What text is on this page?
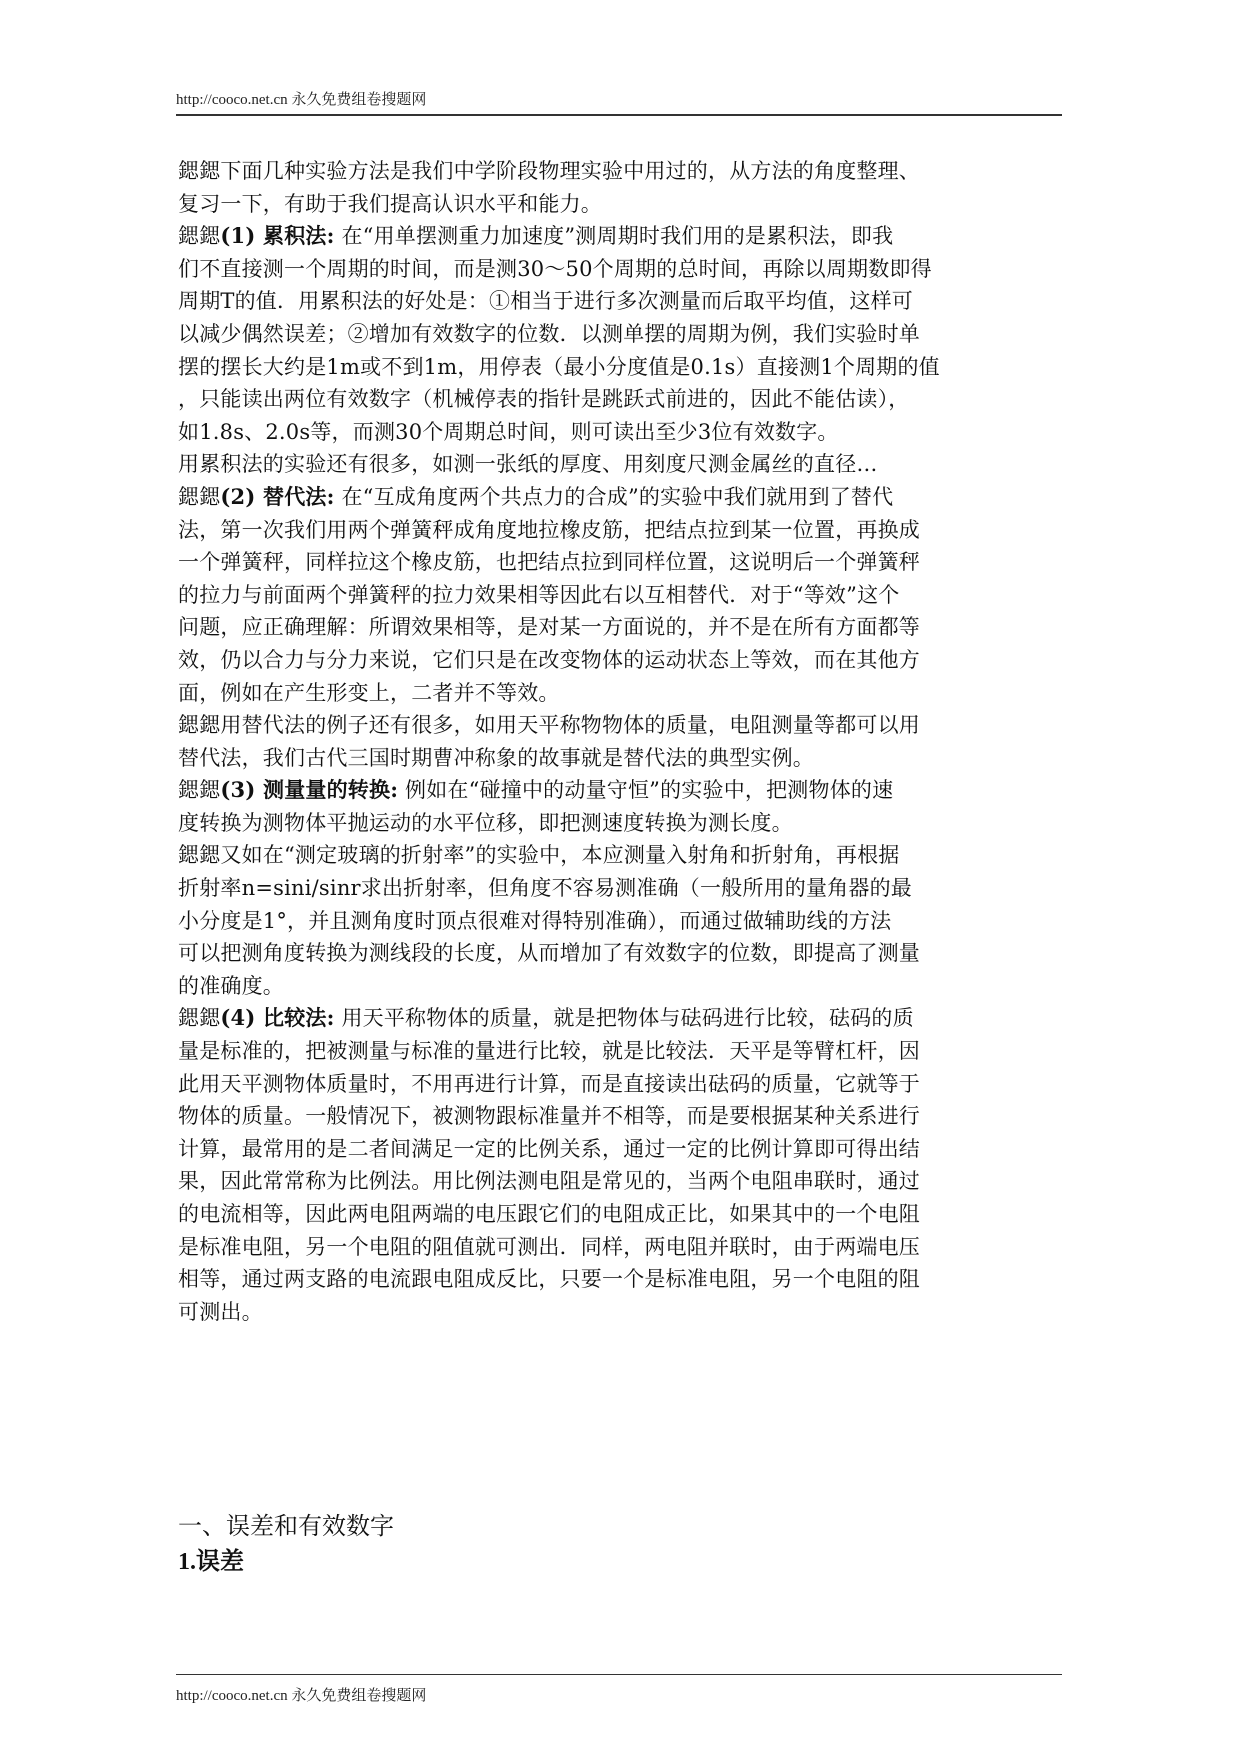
http://cooco.net.cn 永久免费组卷搜题网
鍶鍶下面几种实验方法是我们中学阶段物理实验中用过的，从方法的角度整理、
复习一下，有助于我们提高认识水平和能力。
鍶鍶(1) 累积法: 在“用单摆测重力加速度”测周期时我们用的是累积法，即我
们不直接测一个周期的时间，而是测30～50个周期的总时间，再除以周期数即得
周期T的值．用累积法的好处是：①相当于进行多次测量而后取平均值，这样可
以减少偶然误差；②增加有效数字的位数．以测单摆的周期为例，我们实验时单
摆的摆长大约是1m或不到1m，用停表（最小分度值是0.1s）直接测1个周期的值
，只能读出两位有效数字（机械停表的指针是跳跃式前进的，因此不能估读），
如1.8s、2.0s等，而测30个周期总时间，则可读出至少3位有效数字。
用累积法的实验还有很多，如测一张纸的厚度、用刻度尺测金属丝的直径…
鍶鍶(2) 替代法: 在“互成角度两个共点力的合成”的实验中我们就用到了替代
法，第一次我们用两个弹簧秤成角度地拉橡皮筋，把结点拉到某一位置，再换成
一个弹簧秤，同样拉这个橡皮筋，也把结点拉到同样位置，这说明后一个弹簧秤
的拉力与前面两个弹簧秤的拉力效果相等因此右以互相替代．对于“等效”这个
问题，应正确理解：所谓效果相等，是对某一方面说的，并不是在所有方面都等
效，仍以合力与分力来说，它们只是在改变物体的运动状态上等效，而在其他方
面，例如在产生形变上，二者并不等效。
鍶鍶用替代法的例子还有很多，如用天平称物物体的质量，电阻测量等都可以用
替代法，我们古代三国时期曹冲称象的故事就是替代法的典型实例。
鍶鍶(3) 测量量的转换: 例如在“碰撞中的动量守恒”的实验中，把测物体的速
度转换为测物体平抛运动的水平位移，即把测速度转换为测长度。
鍶鍶又如在“测定玻璃的折射率”的实验中，本应测量入射角和折射角，再根据
折射率n=sini/sinr求出折射率，但角度不容易测准确（一般所用的量角器的最
小分度是1°，并且测角度时顶点很难对得特别准确），而通过做辅助线的方法
可以把测角度转换为测线段的长度，从而增加了有效数字的位数，即提高了测量
的准确度。
鍶鍶(4) 比较法: 用天平称物体的质量，就是把物体与砝码进行比较，砝码的质
量是标准的，把被测量与标准的量进行比较，就是比较法．天平是等臂杠杆，因
此用天平测物体质量时，不用再进行计算，而是直接读出砝码的质量，它就等于
物体的质量。一般情况下，被测物跟标准量并不相等，而是要根据某种关系进行
计算，最常用的是二者间满足一定的比例关系，通过一定的比例计算即可得出结
果，因此常常称为比例法。用比例法测电阻是常见的，当两个电阻串联时，通过
的电流相等，因此两电阻两端的电压跟它们的电阻成正比，如果其中的一个电阻
是标准电阻，另一个电阻的阻值就可测出．同样，两电阻并联时，由于两端电压
相等，通过两支路的电流跟电阻成反比，只要一个是标准电阻，另一个电阻的阻
可测出。
一、误差和有效数字
1.误差
http://cooco.net.cn 永久免费组卷搜题网
